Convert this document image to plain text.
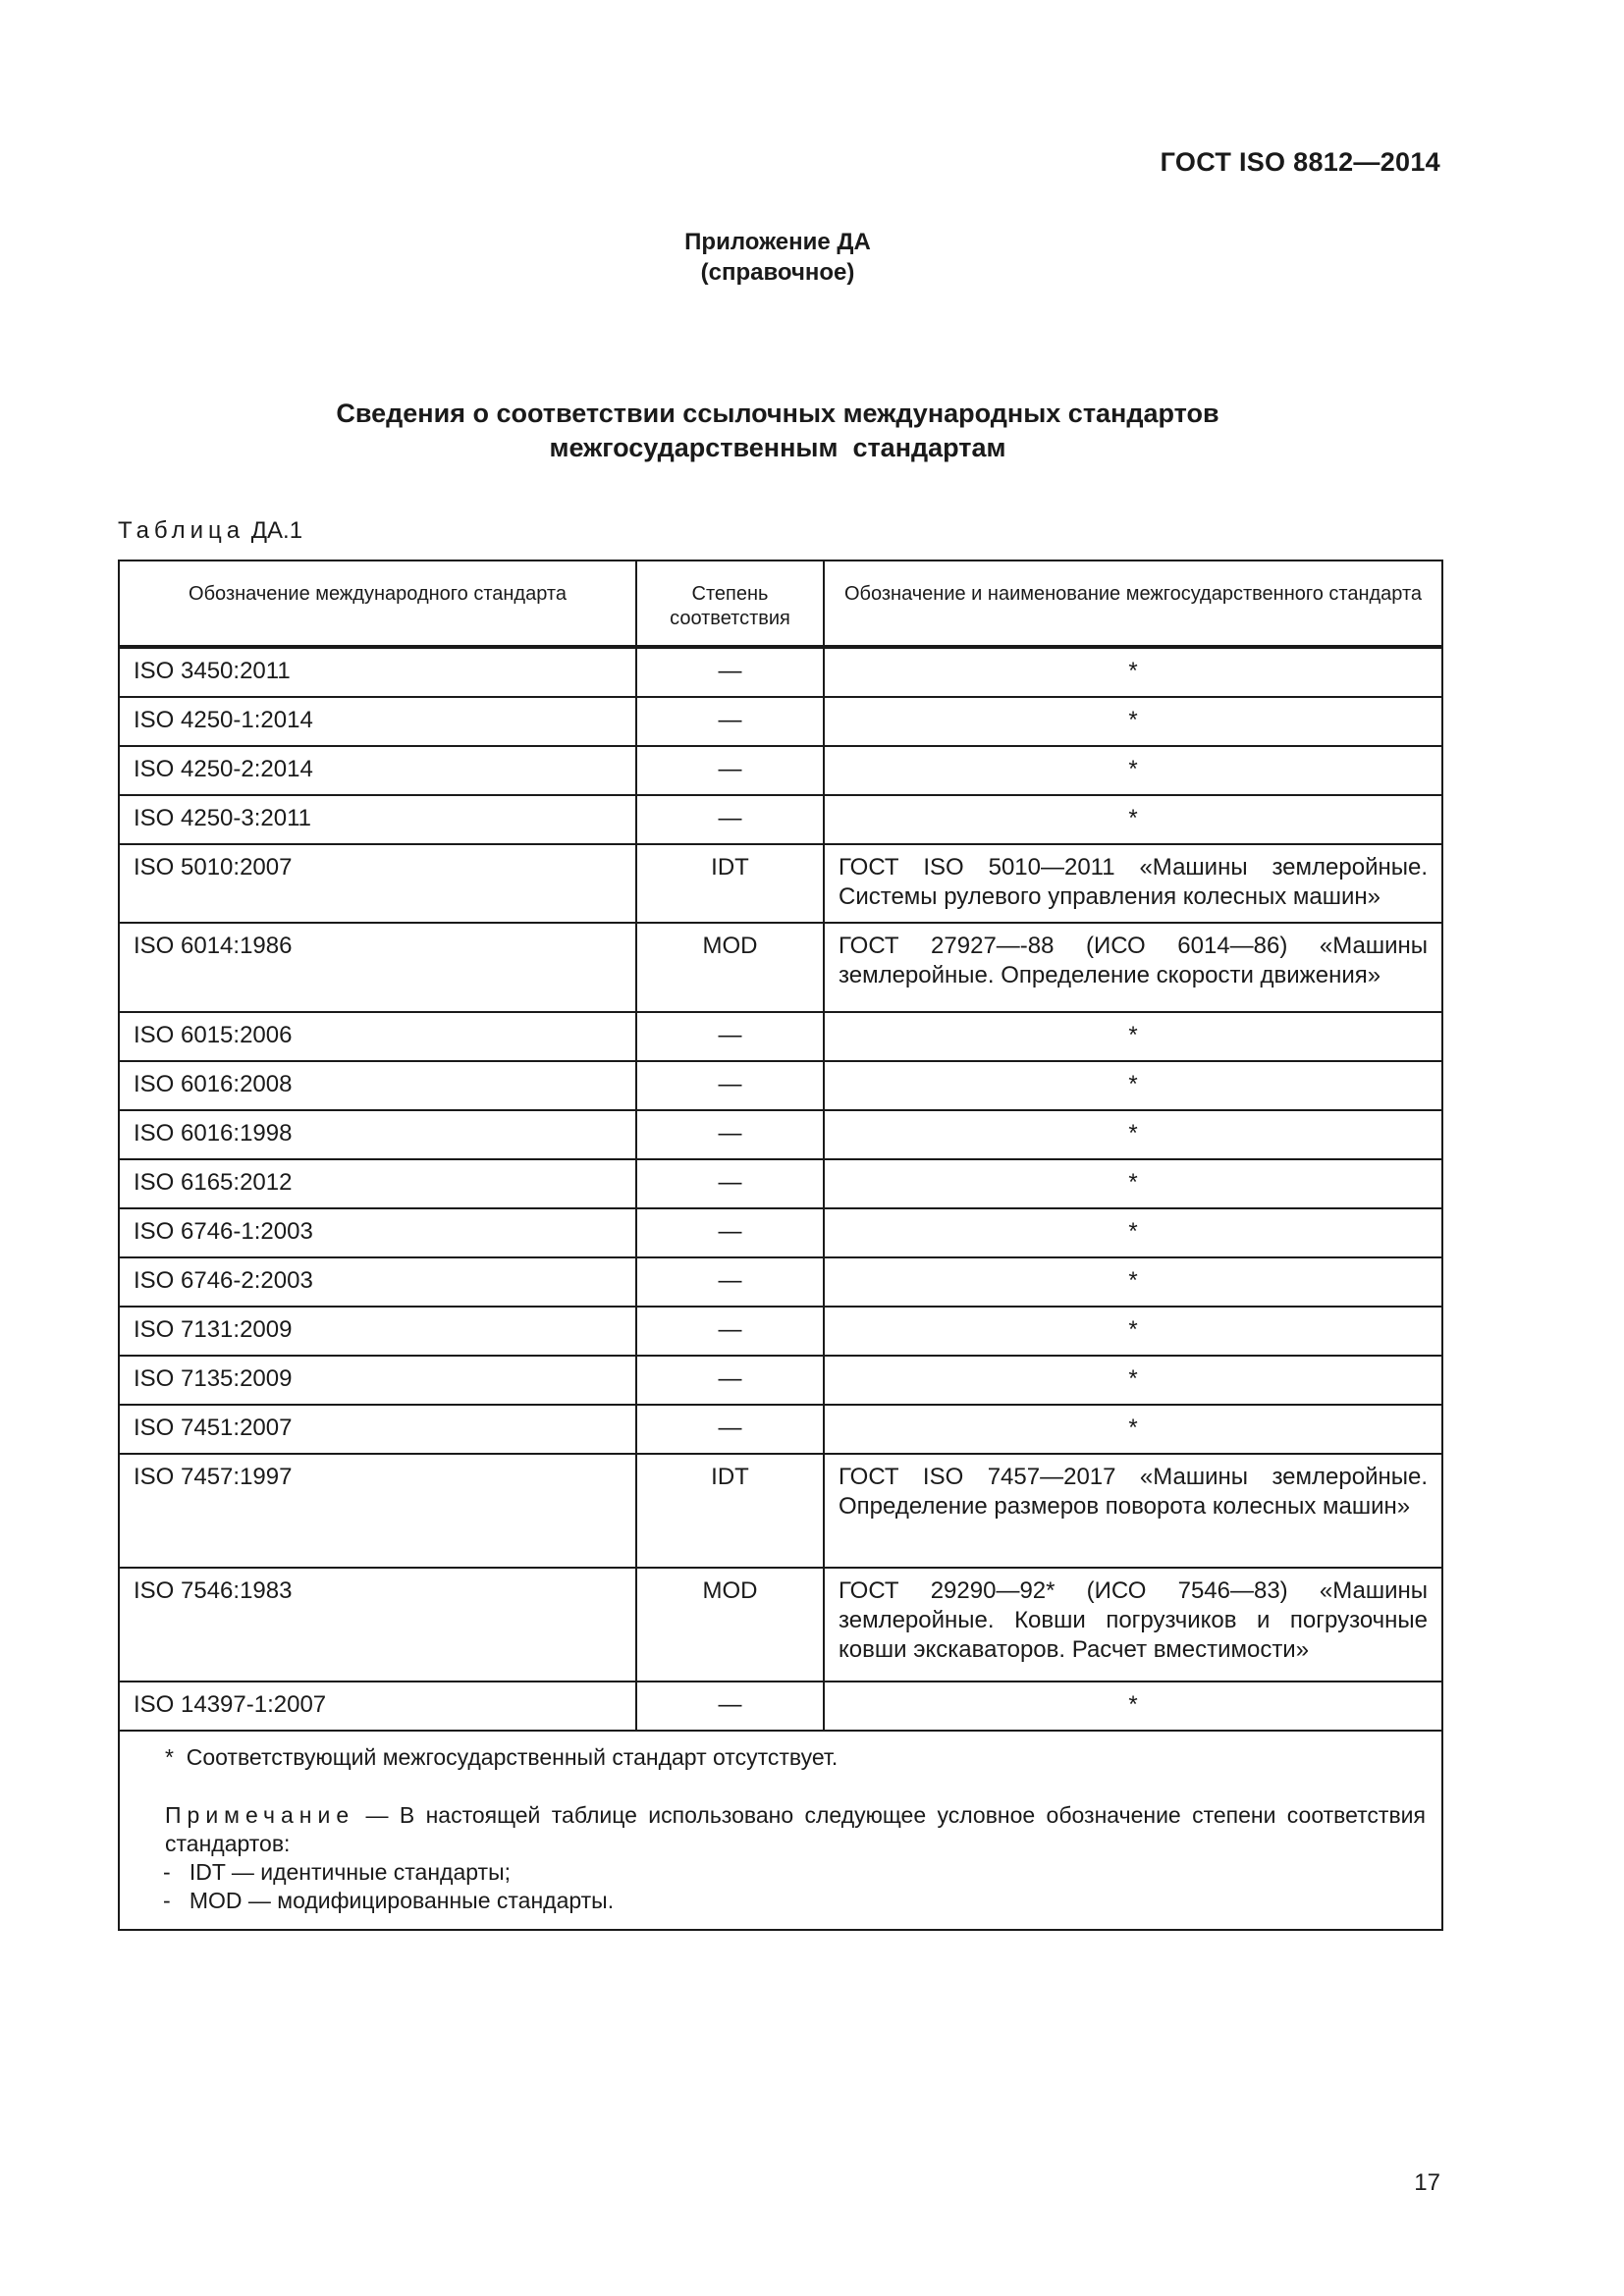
ГОСТ ISO 8812—2014
Приложение ДА
(справочное)
Сведения о соответствии ссылочных международных стандартов
межгосударственным  стандартам
Таблица ДА.1
Обозначение международного стандарта	Степень соответствия	Обозначение и наименование межгосударственного стандарта
ISO 3450:2011	—	*
ISO 4250-1:2014	—	*
ISO 4250-2:2014	—	*
ISO 4250-3:2011	—	*
ISO 5010:2007	IDT	ГОСТ ISO 5010—2011 «Машины землеройные. Системы рулевого управления колесных машин»
ISO 6014:1986	MOD	ГОСТ 27927—-88 (ИСО 6014—86) «Машины землеройные. Определение скорости движения»
ISO 6015:2006	—	*
ISO 6016:2008	—	*
ISO 6016:1998	—	*
ISO 6165:2012	—	*
ISO 6746-1:2003	—	*
ISO 6746-2:2003	—	*
ISO 7131:2009	—	*
ISO 7135:2009	—	*
ISO 7451:2007	—	*
ISO 7457:1997	IDT	ГОСТ ISO 7457—2017 «Машины землеройные. Определение размеров поворота колесных машин»
ISO 7546:1983	MOD	ГОСТ 29290—92* (ИСО 7546—83) «Машины землеройные. Ковши погрузчиков и погрузочные ковши экскаваторов. Расчет вместимости»
ISO 14397-1:2007	—	*

*  Соответствующий межгосударственный стандарт отсутствует.
Примечание — В настоящей таблице использовано следующее условное обозначение степени соответствия стандартов:
-   IDT — идентичные стандарты;
-   MOD — модифицированные стандарты.		
17
